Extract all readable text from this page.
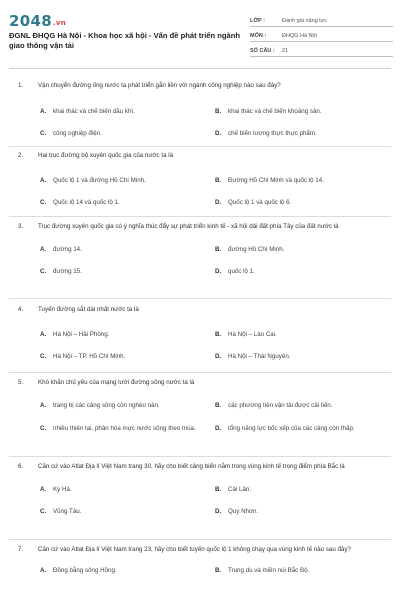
2048.vn
ĐGNL ĐHQG Hà Nội - Khoa học xã hội - Vấn đề phát triển ngành giao thông vận tải
LỚP :	Đánh giá năng lực
MÔN :	ĐHQG Hà Nội
SỐ CÂU :	21
1.	Vận chuyển đường ống nước ta phát triển gắn liền với ngành công nghiệp nào sau đây?
A.	khai thác và chế biến dầu khí.	B.	khai thác và chế biến khoáng sản.
C.	công nghiệp điện.	D.	chế biến lương thực thực phẩm.
2.	Hai trục đường bộ xuyên quốc gia của nước ta là
A.	Quốc lộ 1 và đường Hồ Chí Minh.	B.	Đường Hồ Chí Minh và quốc lộ 14.
C.	Quốc lộ 14 và quốc lộ 1.	D.	Quốc lộ 1 và quốc lộ 6.
3.	Trục đường xuyên quốc gia có ý nghĩa thúc đẩy sự phát triển kinh tế - xã hội dải đất phía Tây của đất nước là
A.	đường 14.	B.	đường Hồ Chí Minh.
C.	đường 15.	D.	quốc lộ 1.
4.	Tuyến đường sắt dài nhất nước ta là
A.	Hà Nội – Hải Phòng.	B.	Hà Nội – Lào Cai.
C.	Hà Nội – TP. Hồ Chí Minh.	D.	Hà Nội – Thái Nguyên.
5.	Khó khăn chủ yếu của mạng lưới đường sông nước ta là
A.	trang bị các cảng sông còn nghèo nàn.	B.	các phương tiện vận tải được cải tiến.
C.	nhiều thiên tai, phân hóa mực nước sông theo mùa.	D.	tổng năng lực bốc xếp của các cảng còn thấp.
6.	Căn cứ vào Atlat Địa lí Việt Nam trang 30, hãy cho biết cảng biển nằm trong vùng kinh tế trọng điểm phía Bắc là
A.	Kỳ Hà.	B.	Cái Lân.
C.	Vũng Tàu.	D.	Quy Nhơn.
7.	Căn cứ vào Atlat Địa lí Việt Nam trang 23, hãy cho biết tuyến quốc lộ 1 không chạy qua vùng kinh tế nào sau đây?
A.	Đồng bằng sông Hồng.	B.	Trung du và miền núi Bắc Bộ.
